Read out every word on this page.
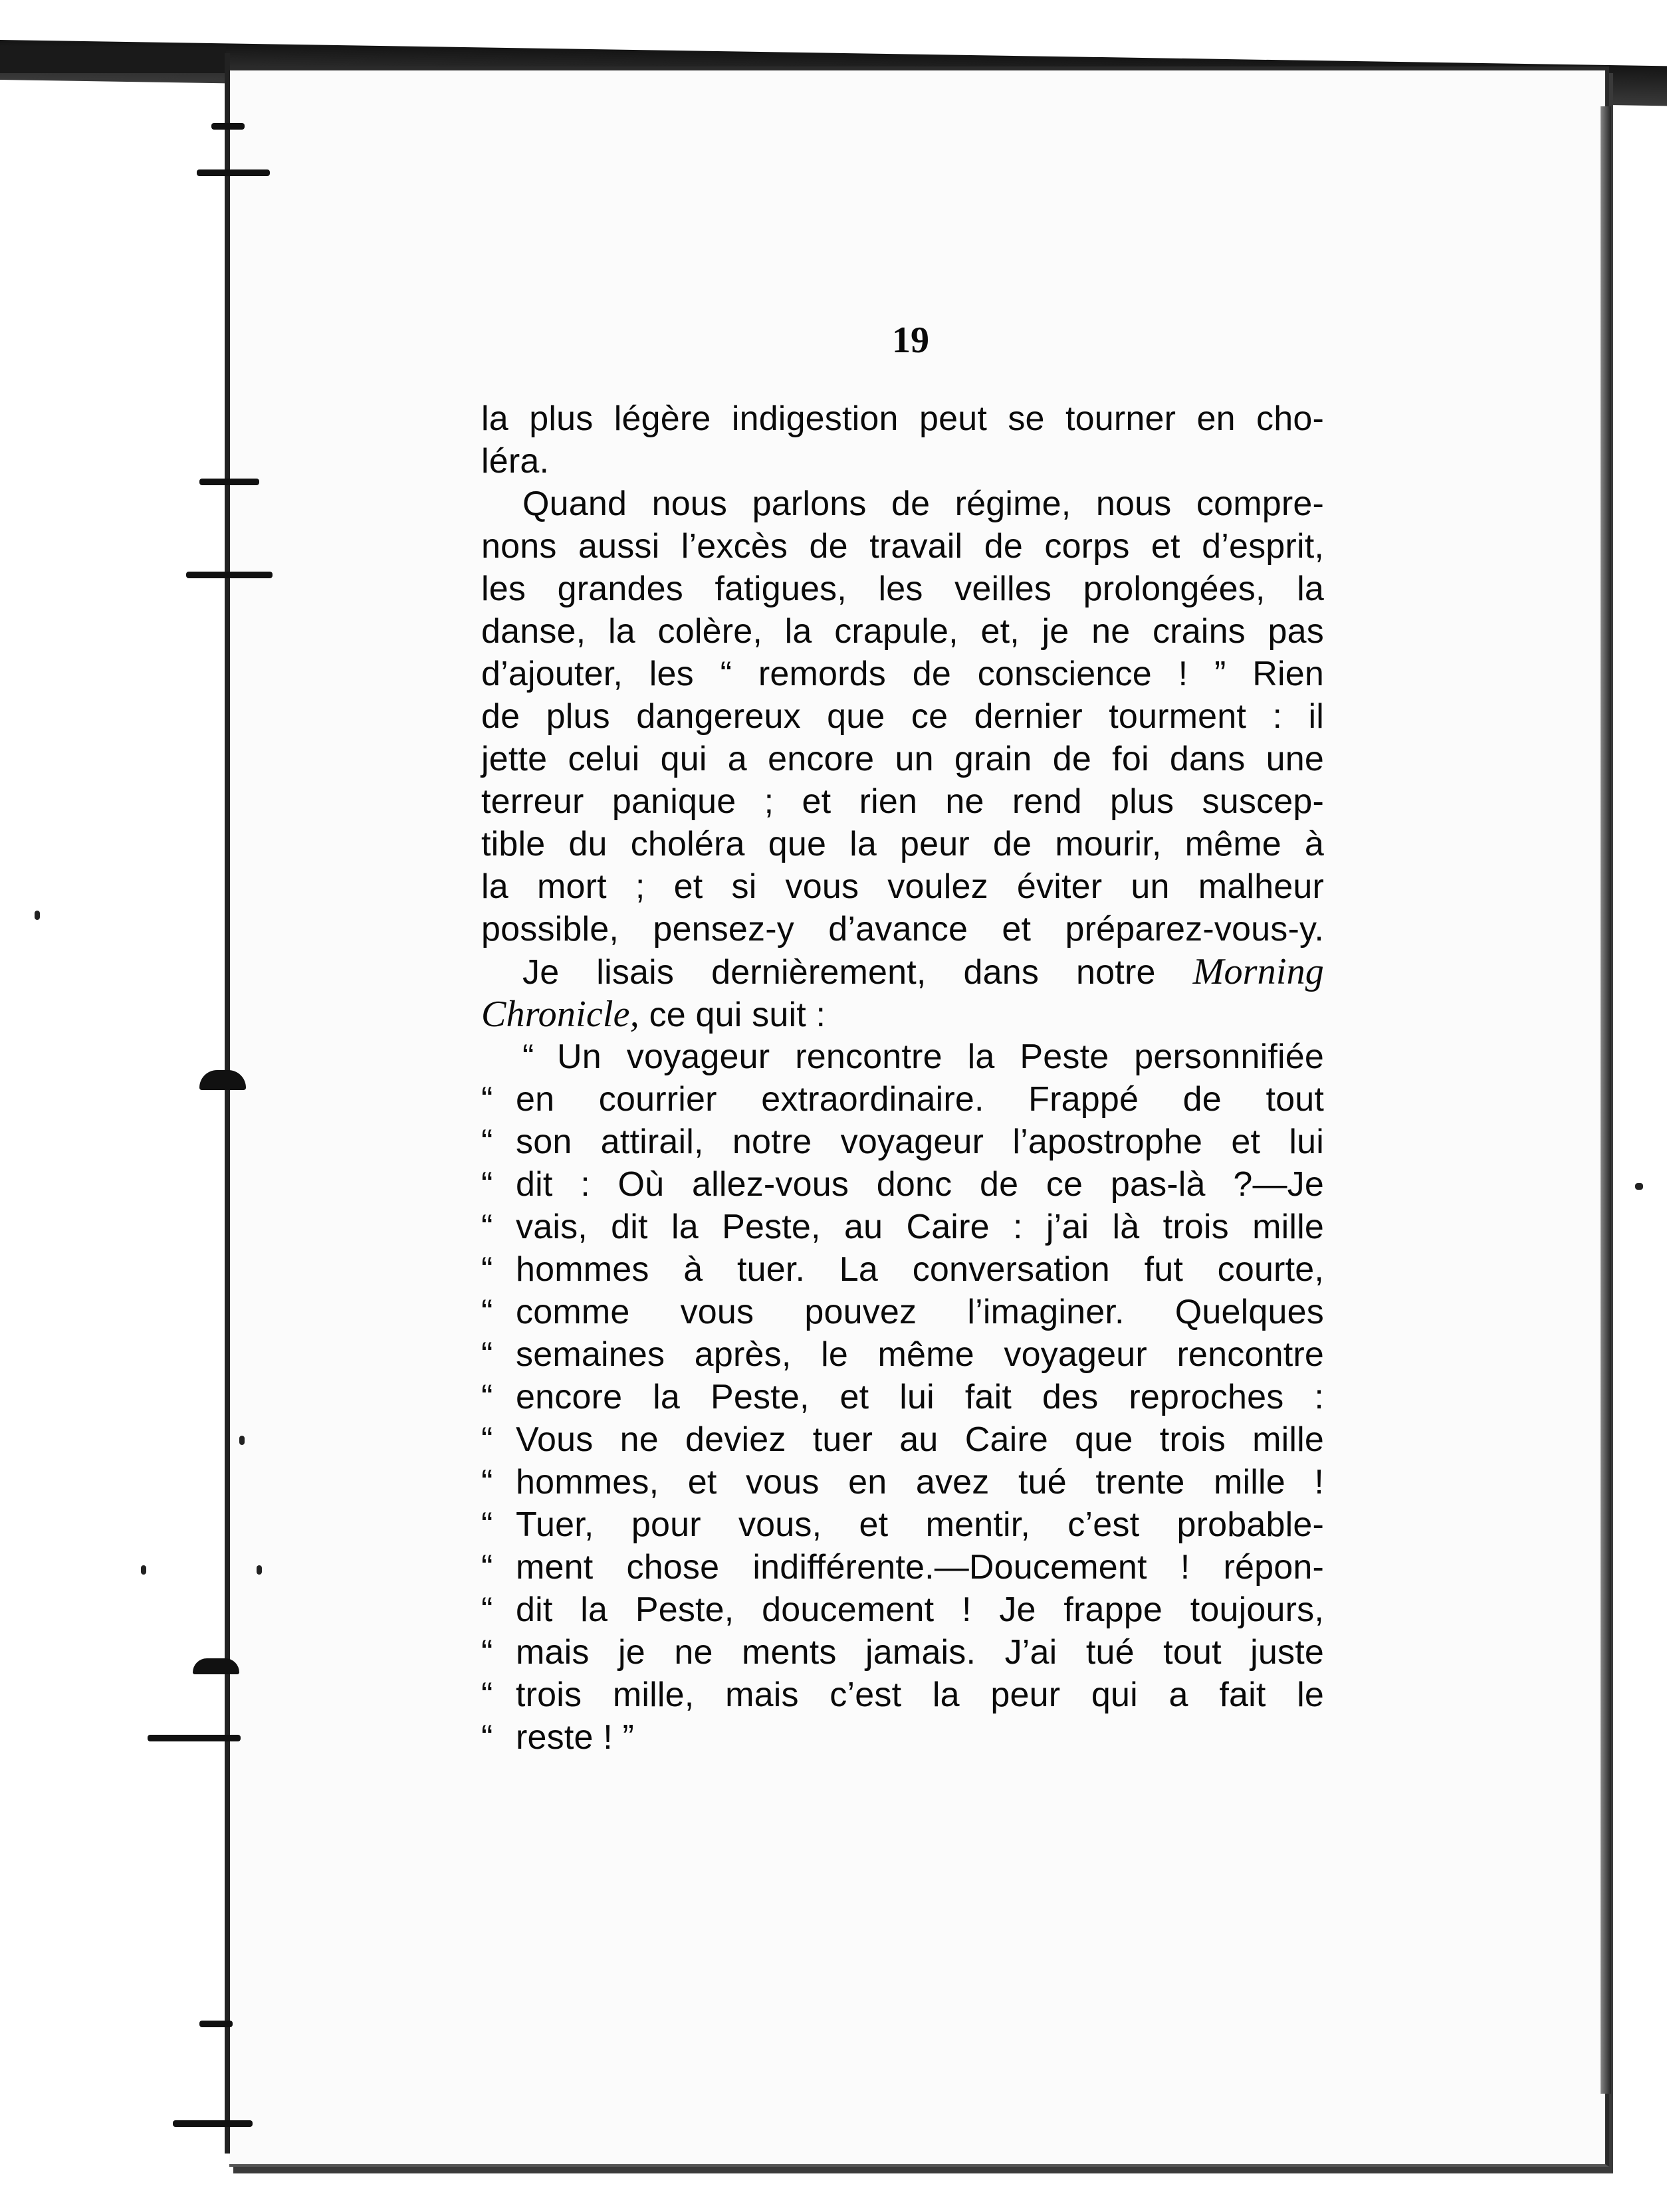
19
la plus légère indigestion peut se tourner en cho-
léra.
Quand nous parlons de régime, nous compre-
nons aussi l’excès de travail de corps et d’esprit,
les grandes fatigues, les veilles prolongées, la
danse, la colère, la crapule, et, je ne crains pas
d’ajouter, les “ remords de conscience ! ” Rien
de plus dangereux que ce dernier tourment : il
jette celui qui a encore un grain de foi dans une
terreur panique ; et rien ne rend plus suscep-
tible du choléra que la peur de mourir, même à
la mort ; et si vous voulez éviter un malheur
possible, pensez-y d’avance et préparez-vous-y.
Je lisais dernièrement, dans notre Morning
Chronicle, ce qui suit :
“ Un voyageur rencontre la Peste personnifiée
“ en courrier extraordinaire. Frappé de tout
“ son attirail, notre voyageur l’apostrophe et lui
“ dit : Où allez-vous donc de ce pas-là ?—Je
“ vais, dit la Peste, au Caire : j’ai là trois mille
“ hommes à tuer. La conversation fut courte,
“ comme vous pouvez l’imaginer. Quelques
“ semaines après, le même voyageur rencontre
“ encore la Peste, et lui fait des reproches :
“ Vous ne deviez tuer au Caire que trois mille
“ hommes, et vous en avez tué trente mille !
“ Tuer, pour vous, et mentir, c’est probable-
“ ment chose indifférente.—Doucement ! répon-
“ dit la Peste, doucement ! Je frappe toujours,
“ mais je ne ments jamais. J’ai tué tout juste
“ trois mille, mais c’est la peur qui a fait le
“ reste ! ”
